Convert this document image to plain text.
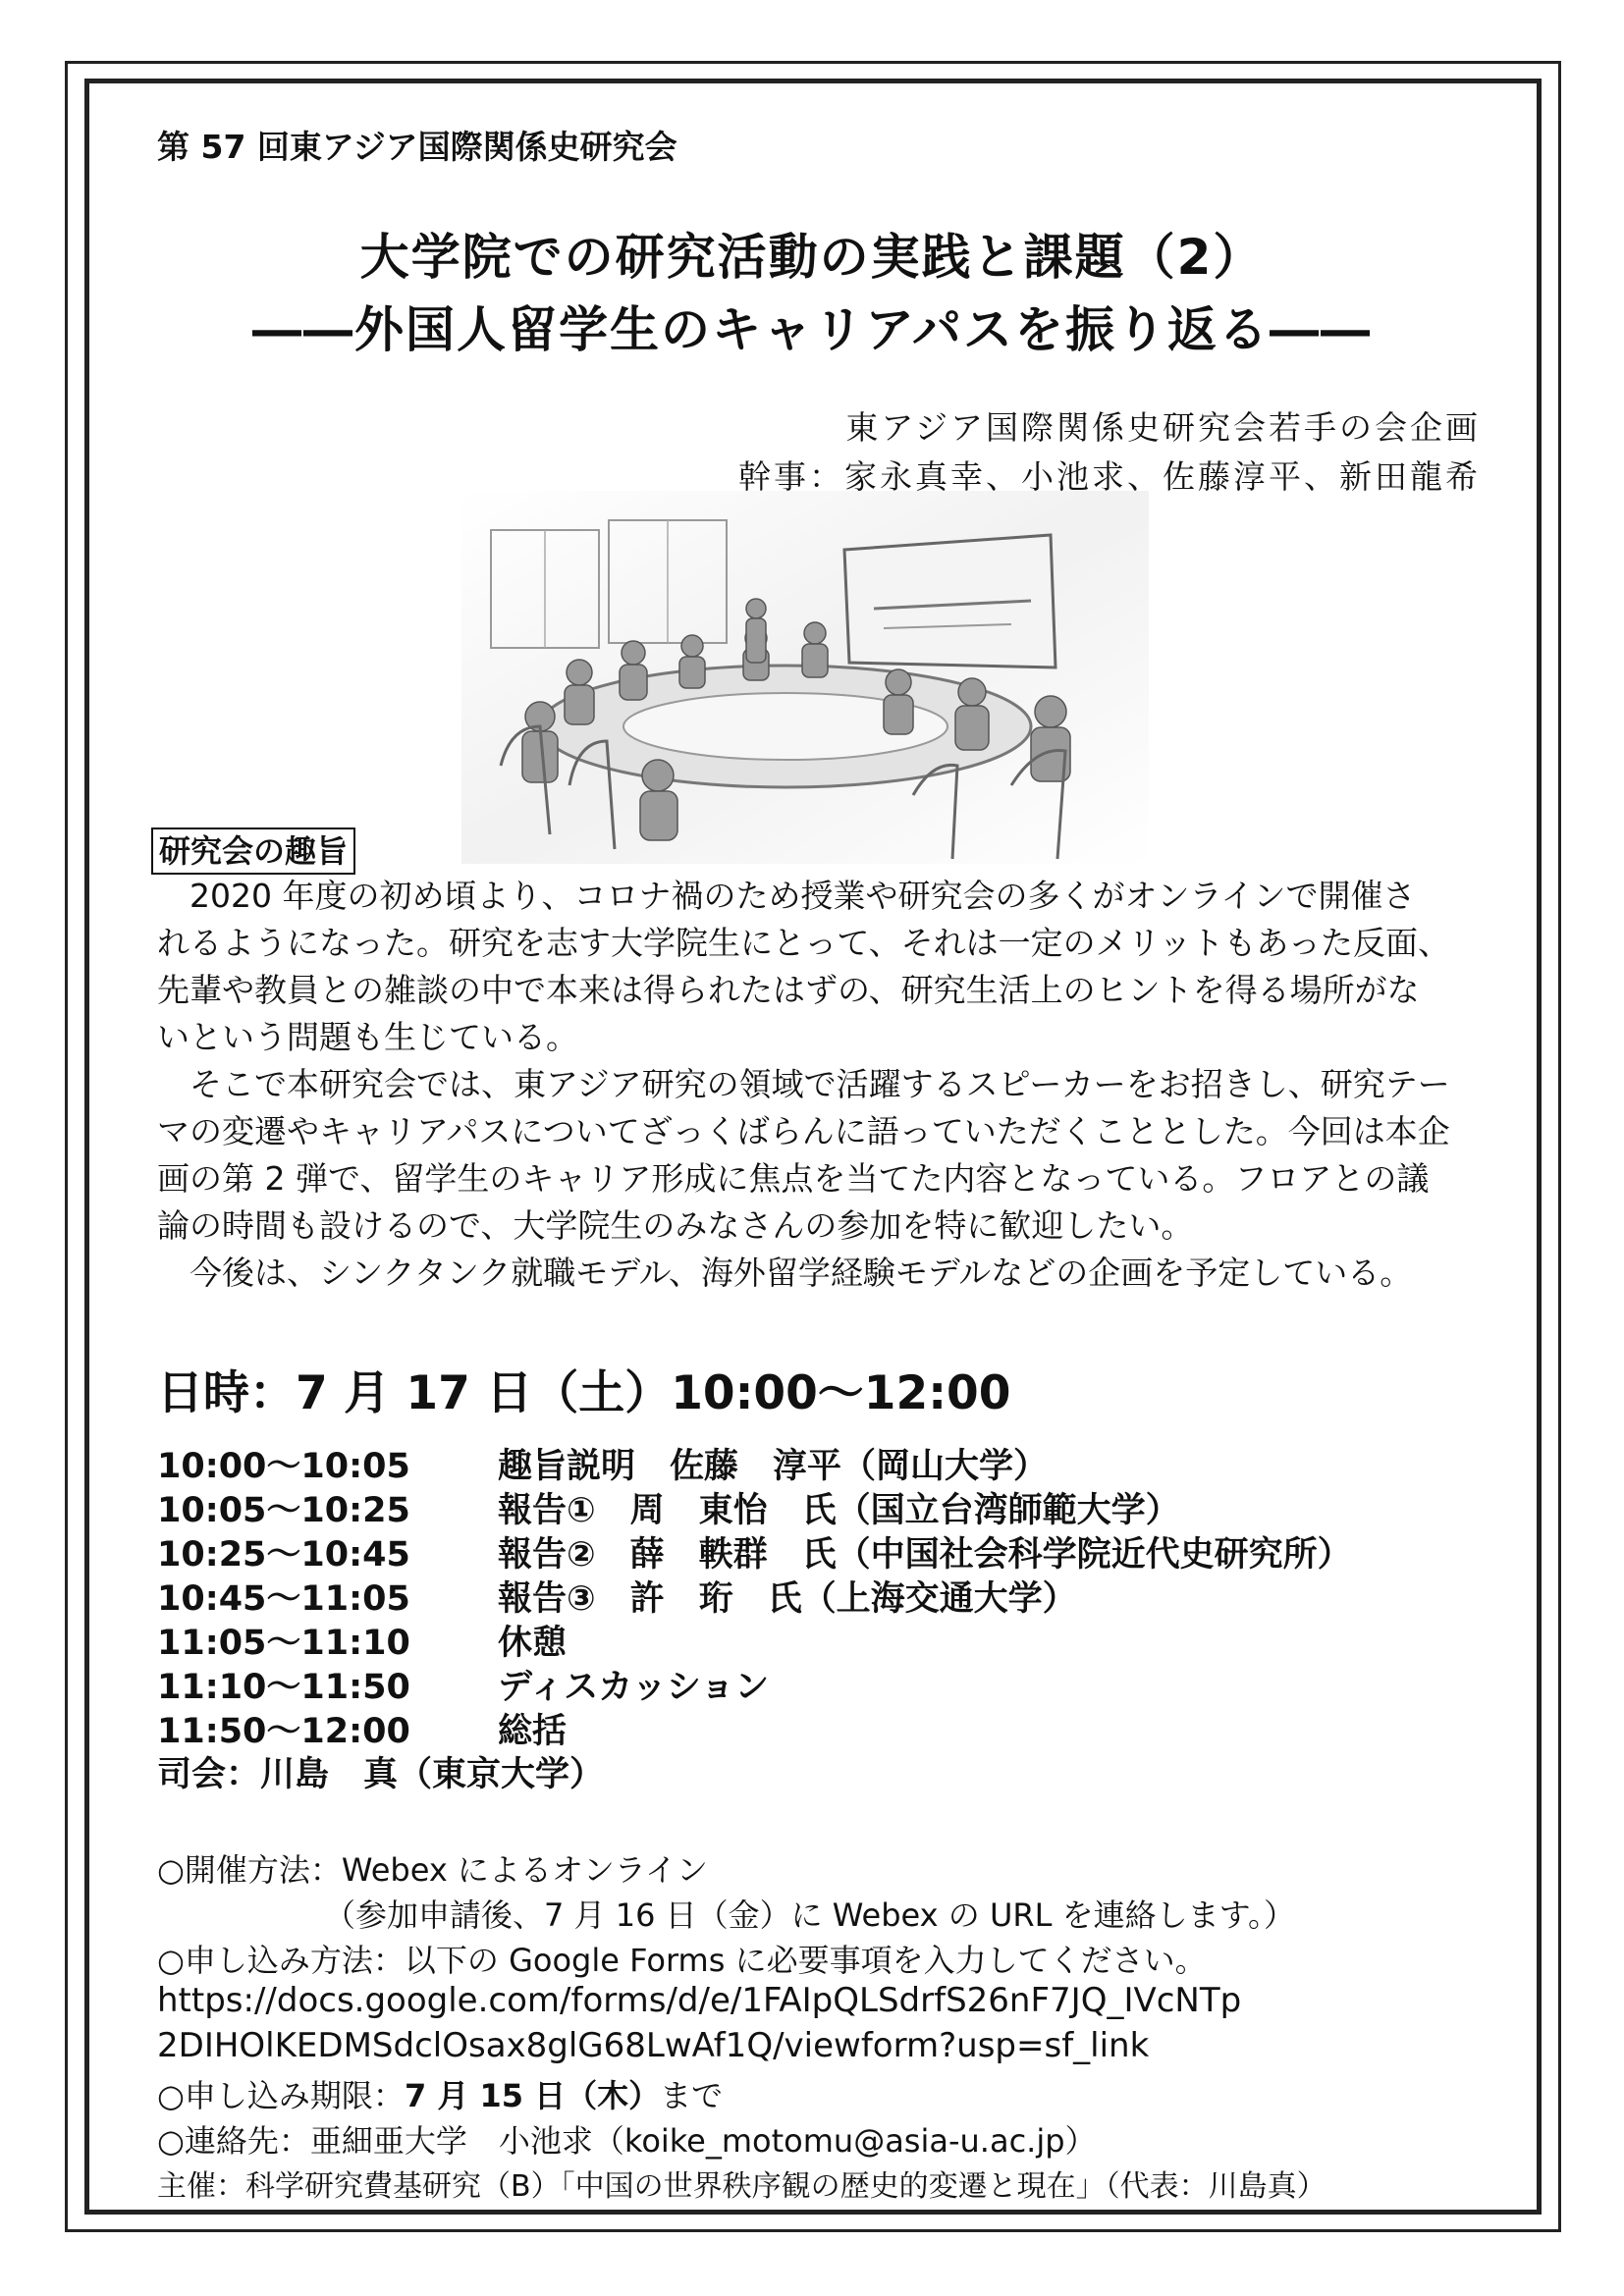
第 57 回東アジア国際関係史研究会
大学院での研究活動の実践と課題（2）
――外国人留学生のキャリアパスを振り返る――
東アジア国際関係史研究会若手の会企画
幹事：家永真幸、小池求、佐藤淳平、新田龍希
研究会の趣旨
　2020 年度の初め頃より、コロナ禍のため授業や研究会の多くがオンラインで開催さ
れるようになった。研究を志す大学院生にとって、それは一定のメリットもあった反面、
先輩や教員との雑談の中で本来は得られたはずの、研究生活上のヒントを得る場所がな
いという問題も生じている。
　そこで本研究会では、東アジア研究の領域で活躍するスピーカーをお招きし、研究テー
マの変遷やキャリアパスについてざっくばらんに語っていただくこととした。今回は本企
画の第 2 弾で、留学生のキャリア形成に焦点を当てた内容となっている。フロアとの議
論の時間も設けるので、大学院生のみなさんの参加を特に歓迎したい。
　今後は、シンクタンク就職モデル、海外留学経験モデルなどの企画を予定している。
日時：7 月 17 日（土）10:00～12:00
10:00～10:05	趣旨説明　佐藤　淳平（岡山大学）
10:05～10:25	報告①　周　東怡　氏（国立台湾師範大学）
10:25～10:45	報告②　薛　軼群　氏（中国社会科学院近代史研究所）
10:45～11:05	報告③　許　珩　氏（上海交通大学）
11:05～11:10	休憩
11:10～11:50	ディスカッション
11:50～12:00	総括
司会：川島　真（東京大学）
○開催方法：Webex によるオンライン
（参加申請後、7 月 16 日（金）に Webex の URL を連絡します。）
○申し込み方法：以下の Google Forms に必要事項を入力してください。
https://docs.google.com/forms/d/e/1FAIpQLSdrfS26nF7JQ_IVcNTp
2DIHOlKEDMSdclOsax8glG68LwAf1Q/viewform?usp=sf_link
○申し込み期限：7 月 15 日（木）まで
○連絡先：亜細亜大学　小池求（koike_motomu@asia-u.ac.jp）
主催：科学研究費基研究（B）「中国の世界秩序観の歴史的変遷と現在」（代表：川島真）
